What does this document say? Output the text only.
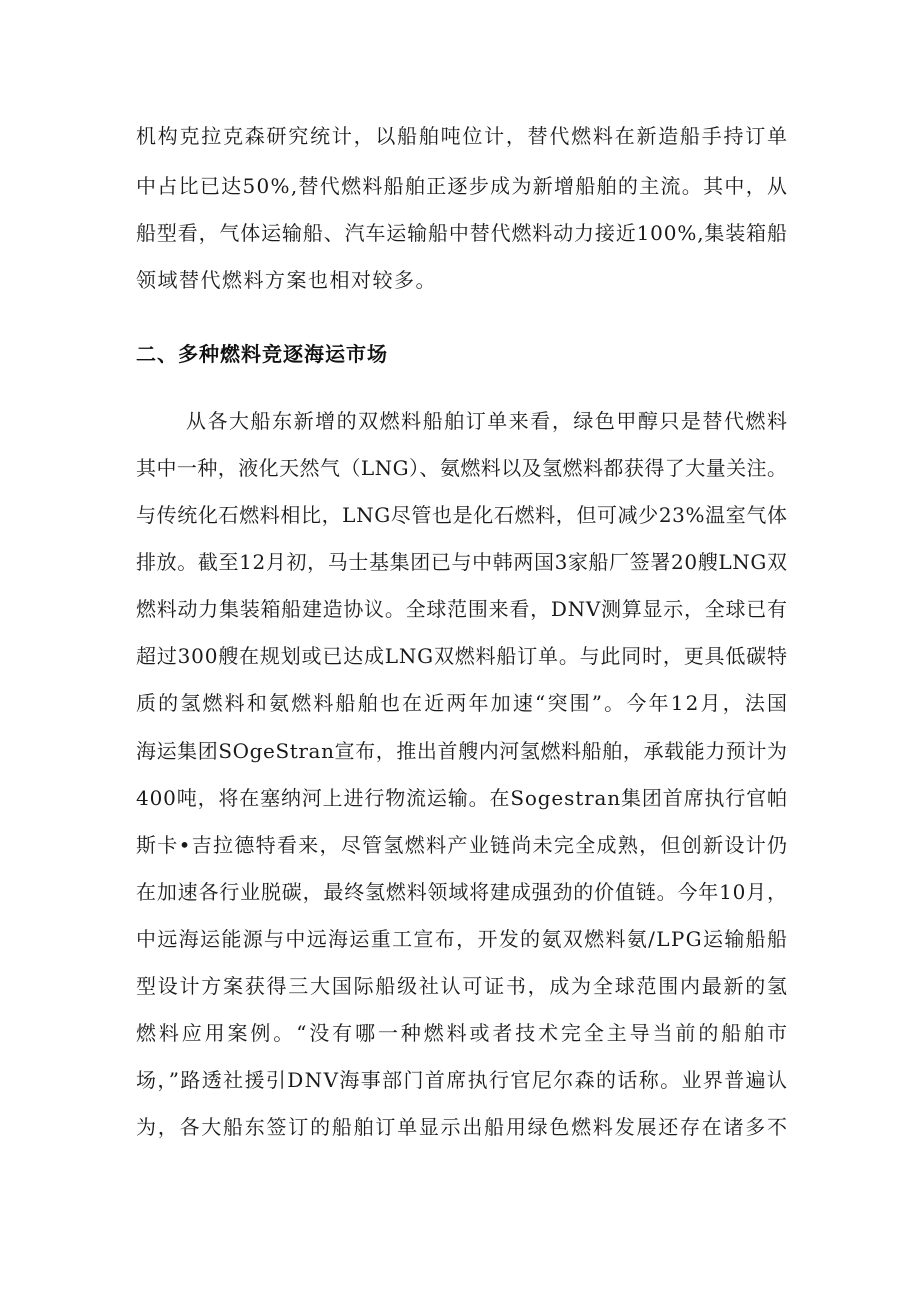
机构克拉克森研究统计，以船舶吨位计，替代燃料在新造船手持订单
中占比已达50%,替代燃料船舶正逐步成为新增船舶的主流。其中，从
船型看，气体运输船、汽车运输船中替代燃料动力接近100%,集装箱船
领域替代燃料方案也相对较多。
二、多种燃料竞逐海运市场
从各大船东新增的双燃料船舶订单来看，绿色甲醇只是替代燃料
其中一种，液化天然气（LNG）、氨燃料以及氢燃料都获得了大量关注。
与传统化石燃料相比，LNG尽管也是化石燃料，但可减少23%温室气体
排放。截至12月初，马士基集团已与中韩两国3家船厂签署20艘LNG双
燃料动力集装箱船建造协议。全球范围来看，DNV测算显示，全球已有
超过300艘在规划或已达成LNG双燃料船订单。与此同时，更具低碳特
质的氢燃料和氨燃料船舶也在近两年加速“突围”。今年12月，法国
海运集团SOgeStran宣布，推出首艘内河氢燃料船舶，承载能力预计为
400吨，将在塞纳河上进行物流运输。在Sogestran集团首席执行官帕
斯卡•吉拉德特看来，尽管氢燃料产业链尚未完全成熟，但创新设计仍
在加速各行业脱碳，最终氢燃料领域将建成强劲的价值链。今年10月，
中远海运能源与中远海运重工宣布，开发的氨双燃料氨/LPG运输船船
型设计方案获得三大国际船级社认可证书，成为全球范围内最新的氢
燃料应用案例。“没有哪一种燃料或者技术完全主导当前的船舶市
场，”路透社援引DNV海事部门首席执行官尼尔森的话称。业界普遍认
为，各大船东签订的船舶订单显示出船用绿色燃料发展还存在诸多不
